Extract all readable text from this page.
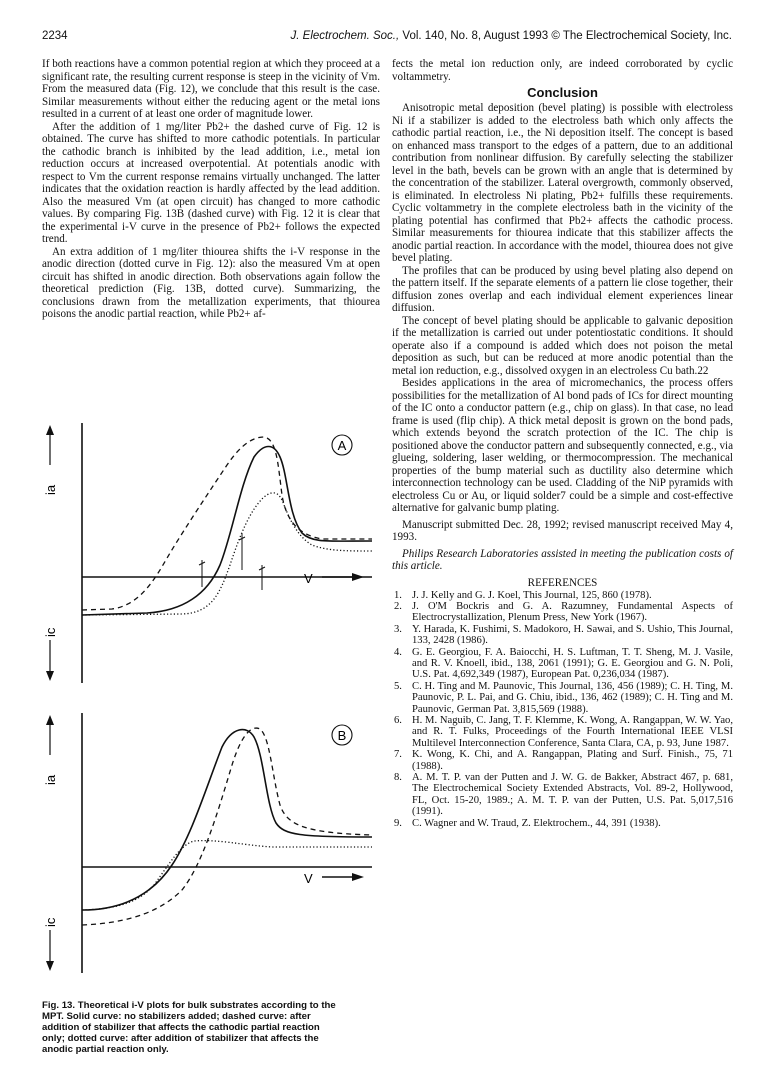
2234	J. Electrochem. Soc., Vol. 140, No. 8, August 1993 © The Electrochemical Society, Inc.

If both reactions have a common potential region at which they proceed at a significant rate, the resulting current response is steep in the vicinity of Vm. From the measured data (Fig. 12), we conclude that this result is the case. Similar measurements without either the reducing agent or the metal ions resulted in a current of at least one order of magnitude lower.

After the addition of 1 mg/liter Pb2+ the dashed curve of Fig. 12 is obtained. The curve has shifted to more cathodic potentials. In particular the cathodic branch is inhibited by the lead addition, i.e., metal ion reduction occurs at increased overpotential. At potentials anodic with respect to Vm the current response remains virtually unchanged. The latter indicates that the oxidation reaction is hardly affected by the lead addition. Also the measured Vm (at open circuit) has changed to more cathodic values. By comparing Fig. 13B (dashed curve) with Fig. 12 it is clear that the experimental i-V curve in the presence of Pb2+ follows the expected trend.

An extra addition of 1 mg/liter thiourea shifts the i-V response in the anodic direction (dotted curve in Fig. 12): also the measured Vm at open circuit has shifted in anodic direction. Both observations again follow the theoretical prediction (Fig. 13B, dotted curve). Summarizing, the conclusions drawn from the metallization experiments, that thiourea poisons the anodic partial reaction, while Pb2+ af-

ia
ic
A
V
ia
ic
B
V
Fig. 13. Theoretical i-V plots for bulk substrates according to the MPT. Solid curve: no stabilizers added; dashed curve: after addition of stabilizer that affects the cathodic partial reaction only; dotted curve: after addition of stabilizer that affects the anodic partial reaction only.

fects the metal ion reduction only, are indeed corroborated by cyclic voltammetry.

Conclusion

Anisotropic metal deposition (bevel plating) is possible with electroless Ni if a stabilizer is added to the electroless bath which only affects the cathodic partial reaction, i.e., the Ni deposition itself. The concept is based on enhanced mass transport to the edges of a pattern, due to an additional contribution from nonlinear diffusion. By carefully selecting the stabilizer level in the bath, bevels can be grown with an angle that is determined by the concentration of the stabilizer. Lateral overgrowth, commonly observed, is eliminated. In electroless Ni plating, Pb2+ fulfills these requirements. Cyclic voltammetry in the complete electroless bath in the vicinity of the plating potential has confirmed that Pb2+ affects the cathodic process. Similar measurements for thiourea indicate that this stabilizer affects the anodic partial reaction. In accordance with the model, thiourea does not give bevel plating.

The profiles that can be produced by using bevel plating also depend on the pattern itself. If the separate elements of a pattern lie close together, their diffusion zones overlap and each individual element experiences linear diffusion.

The concept of bevel plating should be applicable to galvanic deposition if the metallization is carried out under potentiostatic conditions. It should operate also if a compound is added which does not poison the metal deposition as such, but can be reduced at more anodic potential than the metal ion reduction, e.g., dissolved oxygen in an electroless Cu bath.22

Besides applications in the area of micromechanics, the process offers possibilities for the metallization of Al bond pads of ICs for direct mounting of the IC onto a conductor pattern (e.g., chip on glass). In that case, no lead frame is used (flip chip). A thick metal deposit is grown on the bond pads, which extends beyond the scratch protection of the IC. The chip is positioned above the conductor pattern and subsequently connected, e.g., via glueing, soldering, laser welding, or thermocompression. The mechanical properties of the bump material such as ductility also determine which interconnection technology can be used. Cladding of the NiP pyramids with electroless Cu or Au, or liquid solder7 could be a simple and cost-effective alternative for galvanic bump plating.

Manuscript submitted Dec. 28, 1992; revised manuscript received May 4, 1993.

Philips Research Laboratories assisted in meeting the publication costs of this article.

REFERENCES
1. J. J. Kelly and G. J. Koel, This Journal, 125, 860 (1978).
2. J. O'M Bockris and G. A. Razumney, Fundamental Aspects of Electrocrystallization, Plenum Press, New York (1967).
3. Y. Harada, K. Fushimi, S. Madokoro, H. Sawai, and S. Ushio, This Journal, 133, 2428 (1986).
4. G. E. Georgiou, F. A. Baiocchi, H. S. Luftman, T. T. Sheng, M. J. Vasile, and R. V. Knoell, ibid., 138, 2061 (1991); G. E. Georgiou and G. N. Poli, U.S. Pat. 4,692,349 (1987), European Pat. 0,236,034 (1987).
5. C. H. Ting and M. Paunovic, This Journal, 136, 456 (1989); C. H. Ting, M. Paunovic, P. L. Pai, and G. Chiu, ibid., 136, 462 (1989); C. H. Ting and M. Paunovic, German Pat. 3,815,569 (1988).
6. H. M. Naguib, C. Jang, T. F. Klemme, K. Wong, A. Rangappan, W. W. Yao, and R. T. Fulks, Proceedings of the Fourth International IEEE VLSI Multilevel Interconnection Conference, Santa Clara, CA, p. 93, June 1987.
7. K. Wong, K. Chi, and A. Rangappan, Plating and Surf. Finish., 75, 71 (1988).
8. A. M. T. P. van der Putten and J. W. G. de Bakker, Abstract 467, p. 681, The Electrochemical Society Extended Abstracts, Vol. 89-2, Hollywood, FL, Oct. 15-20, 1989.; A. M. T. P. van der Putten, U.S. Pat. 5,017,516 (1991).
9. C. Wagner and W. Traud, Z. Elektrochem., 44, 391 (1938).
